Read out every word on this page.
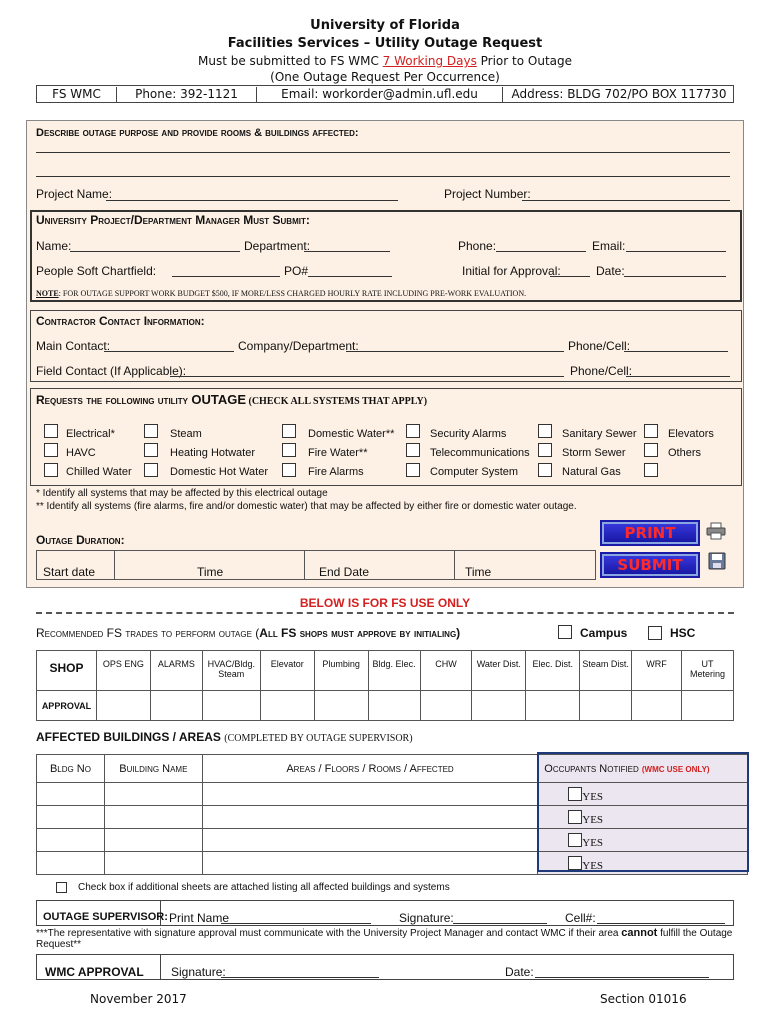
University of Florida
Facilities Services – Utility Outage Request
Must be submitted to FS WMC 7 Working Days Prior to Outage
(One Outage Request Per Occurrence)
FS WMC	Phone: 392-1121	Email: workorder@admin.ufl.edu	Address: BLDG 702/PO BOX 117730
Describe outage purpose and provide rooms & buildings affected:
Project Name:	Project Number:
University Project/Department Manager Must Submit:
Name:	Department:	Phone:	Email:
People Soft Chartfield:	PO#	Initial for Approval:	Date:
NOTE: FOR OUTAGE SUPPORT WORK BUDGET $500, IF MORE/LESS CHARGED HOURLY RATE INCLUDING PRE-WORK EVALUATION.
Contractor Contact Information:
Main Contact:	Company/Department:	Phone/Cell:
Field Contact (If Applicable):	Phone/Cell:
Requests the following utility OUTAGE (CHECK ALL SYSTEMS THAT APPLY)
Electrical*
HAVC
Chilled Water
Steam
Heating Hotwater
Domestic Hot Water
Domestic Water**
Fire Water**
Fire Alarms
Security Alarms
Telecommunications
Computer System
Sanitary Sewer
Storm Sewer
Natural Gas
Elevators
Others
* Identify all systems that may be affected by this electrical outage
** Identify all systems (fire alarms, fire and/or domestic water) that may be affected by either fire or domestic water outage.
Outage Duration:
Start date	Time	End Date	Time
PRINT
SUBMIT
BELOW IS FOR FS USE ONLY
Recommended FS trades to perform outage (All FS shops must approve by initialing)	Campus	HSC
SHOP	OPS ENG	ALARMS	HVAC/Bldg. Steam	Elevator	Plumbing	Bldg. Elec.	CHW	Water Dist.	Elec. Dist.	Steam Dist.	WRF	UT Metering
APPROVAL												
AFFECTED BUILDINGS / AREAS (COMPLETED BY OUTAGE SUPERVISOR)
Bldg No	Building Name	Areas / Floors / Rooms / Affected	Occupants Notified (WMC USE ONLY)
			YES
			YES
			YES
			YES
Check box if additional sheets are attached listing all affected buildings and systems
OUTAGE SUPERVISOR: Print Name	Signature:	Cell#:
***The representative with signature approval must communicate with the University Project Manager and contact WMC if their area cannot fulfill the Outage Request**
WMC APPROVAL Signature:	Date:
November 2017	Section 01016
